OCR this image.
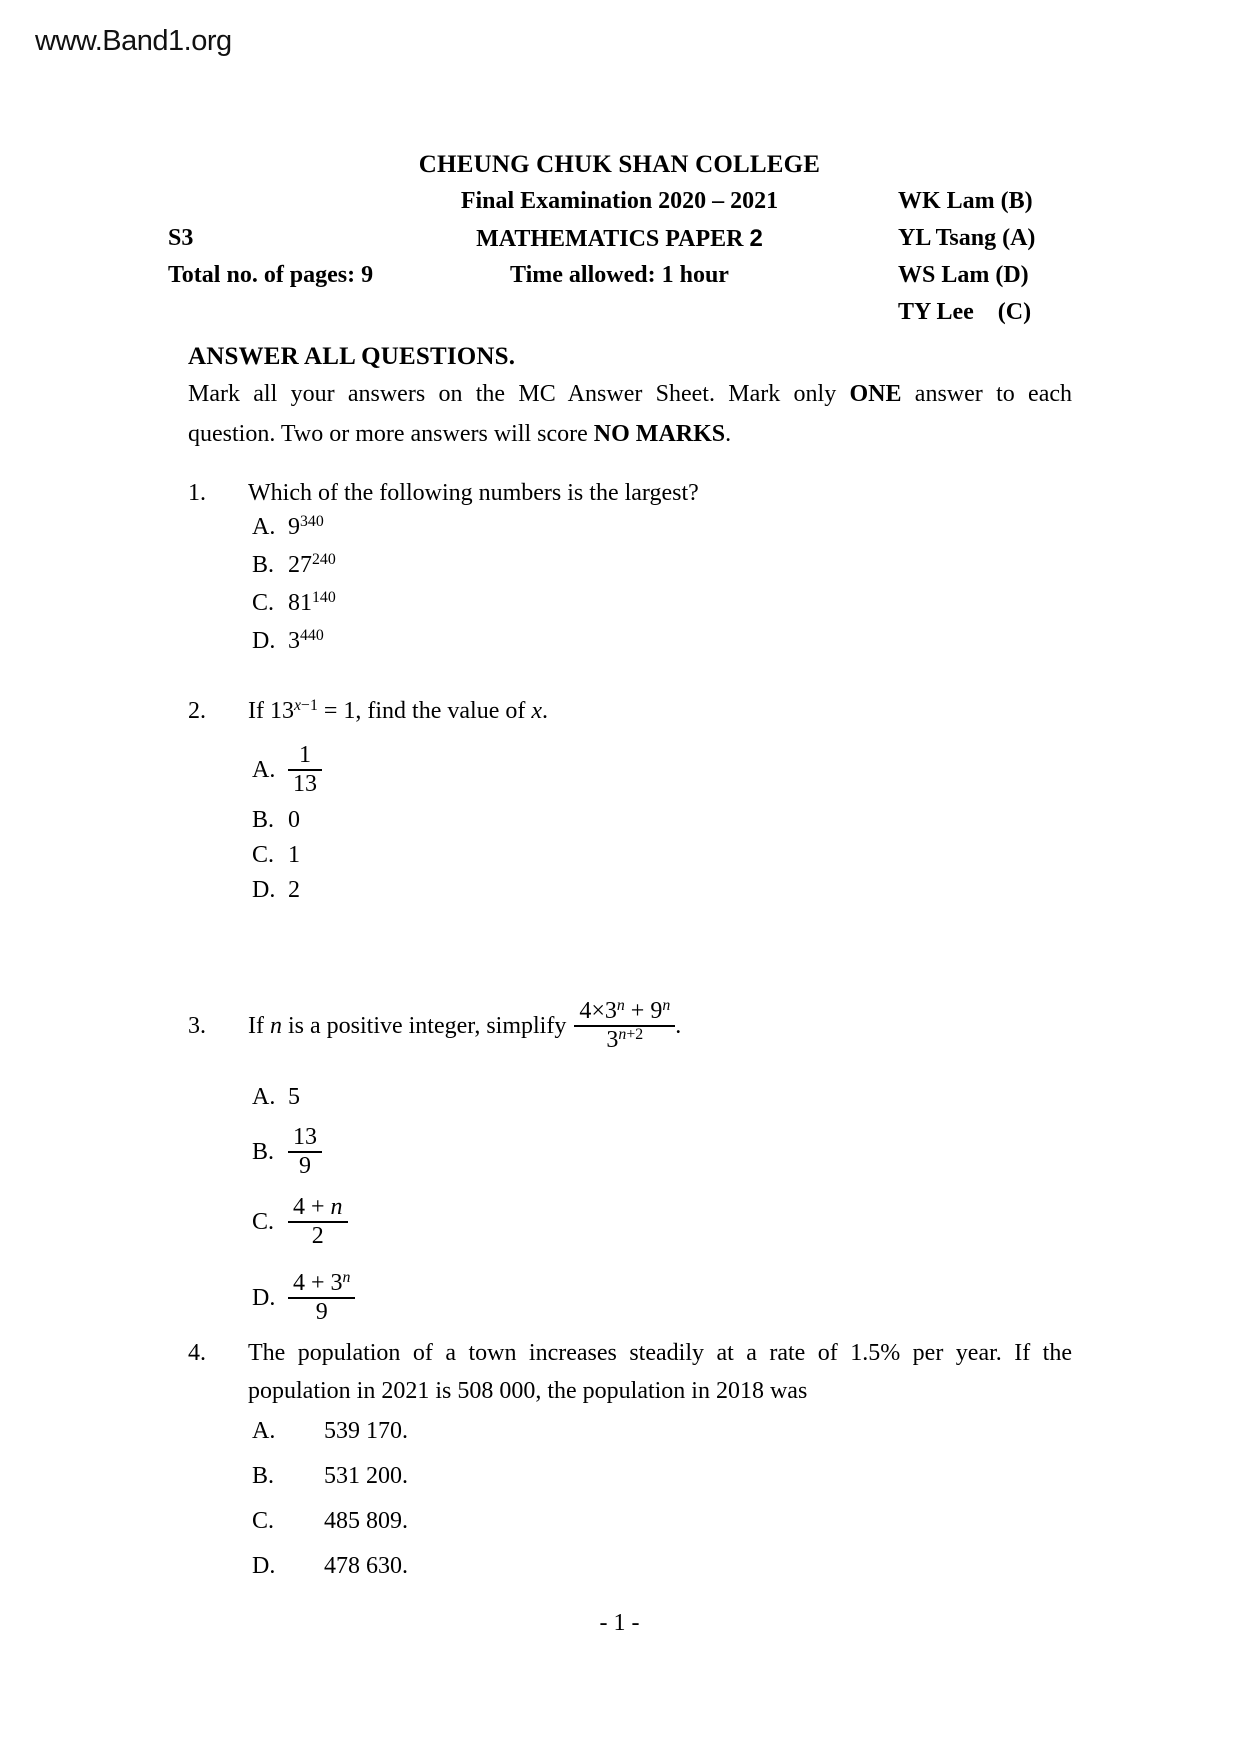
www.Band1.org
CHEUNG CHUK SHAN COLLEGE
Final Examination 2020 – 2021	WK Lam (B)
S3	MATHEMATICS PAPER 2	YL Tsang (A)
Total no. of pages: 9	Time allowed: 1 hour	WS Lam (D)
TY Lee    (C)
ANSWER ALL QUESTIONS.
Mark all your answers on the MC Answer Sheet. Mark only ONE answer to each
question. Two or more answers will score NO MARKS.
1.	Which of the following numbers is the largest?
A. $9^{340}$
B. $27^{240}$
C. $81^{140}$
D. $3^{440}$
2.	If $13^{x-1} = 1$, find the value of x.
A. $\frac{1}{13}$
B. 0
C. 1
D. 2
3.	If n is a positive integer, simplify $\frac{4\times 3^n + 9^n}{3^{n+2}}$ .
A. 5
B. $\frac{13}{9}$
C. $\frac{4 + n}{2}$
D. $\frac{4 + 3^n}{9}$
4.	The population of a town increases steadily at a rate of 1.5% per year. If the
population in 2021 is 508 000, the population in 2018 was
A.	539 170.
B.	531 200.
C.	485 809.
D.	478 630.
- 1 -
